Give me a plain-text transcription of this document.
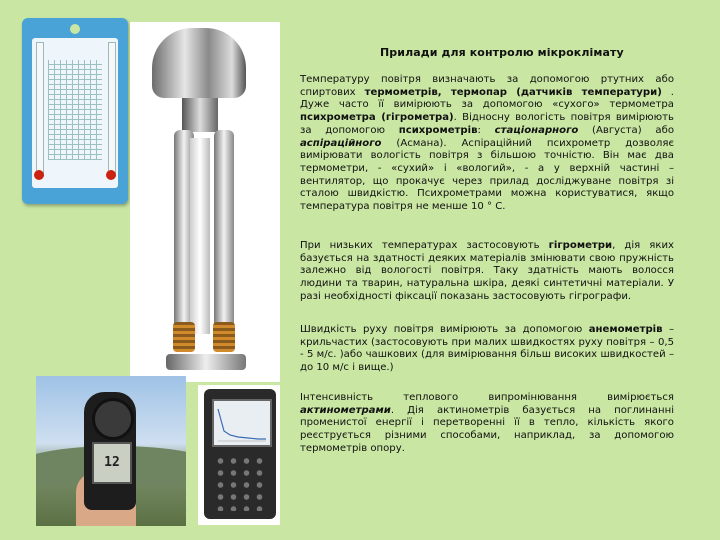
Прилади для контролю мікроклімату
12
Температуру повітря визначають за допомогою ртутних або спиртових термометрів, термопар (датчиків температури) . Дуже часто її вимірюють за допомогою «сухого» термометра психрометра (гігрометра). Відносну вологість повітря вимірюють за допомогою психрометрів: стаціонарного (Августа) або аспіраційного (Асмана). Аспіраційний психрометр дозволяє вимірювати вологість повітря з більшою точністю. Він має два термометри, - «сухий» і «вологий», - а у верхній частині – вентилятор, що прокачує через прилад досліджуване повітря зі сталою швидкістю. Психрометрами можна користуватися, якщо температура повітря не менше 10 ° С.
При низьких температурах застосовують гігрометри, дія яких базується на здатності деяких матеріалів змінювати свою пружність залежно від вологості повітря. Таку здатність мають волосся людини та тварин, натуральна шкіра, деякі синтетичні матеріали. У разі необхідності фіксації показань застосовують гігрографи.
Швидкість руху повітря вимірюють за допомогою анемометрів – крильчастих (застосовують при малих швидкостях руху повітря – 0,5 - 5 м/с. )або чашкових (для вимірювання більш високих швидкостей – до 10 м/с і вище.)
Інтенсивність теплового випромінювання вимірюється актинометрами. Дія актинометрів базується на поглинанні променистої енергії і перетворенні її в тепло, кількість якого реєструється різними способами, наприклад, за допомогою термометрів опору.
